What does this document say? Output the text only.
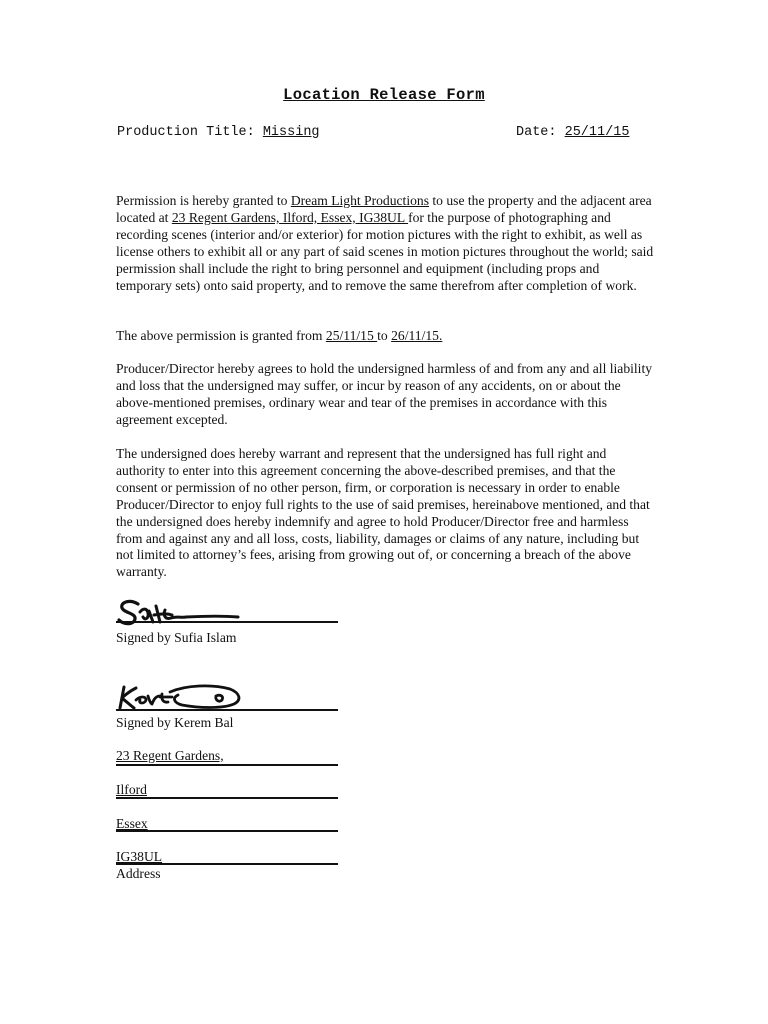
Location Release Form
Production Title: Missing	Date: 25/11/15

Permission is hereby granted to Dream Light Productions to use the property and the adjacent area located at 23 Regent Gardens, Ilford, Essex, IG38UL for the purpose of photographing and recording scenes (interior and/or exterior) for motion pictures with the right to exhibit, as well as license others to exhibit all or any part of said scenes in motion pictures throughout the world; said permission shall include the right to bring personnel and equipment (including props and temporary sets) onto said property, and to remove the same therefrom after completion of work.

The above permission is granted from 25/11/15 to 26/11/15.

Producer/Director hereby agrees to hold the undersigned harmless of and from any and all liability and loss that the undersigned may suffer, or incur by reason of any accidents, on or about the above-mentioned premises, ordinary wear and tear of the premises in accordance with this agreement excepted.

The undersigned does hereby warrant and represent that the undersigned has full right and authority to enter into this agreement concerning the above-described premises, and that the consent or permission of no other person, firm, or corporation is necessary in order to enable Producer/Director to enjoy full rights to the use of said premises, hereinabove mentioned, and that the undersigned does hereby indemnify and agree to hold Producer/Director free and harmless from and against any and all loss, costs, liability, damages or claims of any nature, including but not limited to attorney’s fees, arising from growing out of, or concerning a breach of the above warranty.

Signed by Sufia Islam
Signed by Kerem Bal
23 Regent Gardens,
Ilford
Essex
IG38UL
Address
